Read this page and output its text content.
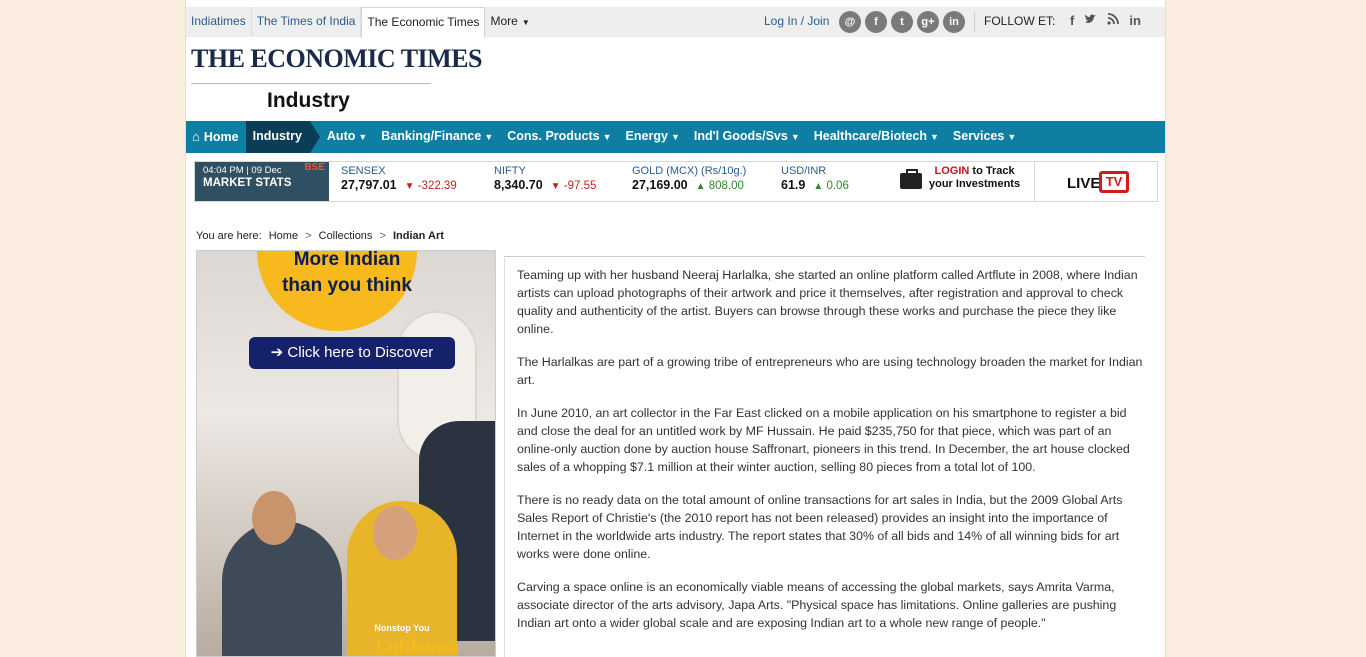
Indiatimes The Times of India	The Economic Times More ▼	Log In / Join	@	f	t	g+	in	FOLLOW ET: f	in
THE ECONOMIC TIMES
Industry
⌂ Home	Industry	Auto ▼	Banking/Finance ▼	Cons. Products ▼	Energy ▼	Ind'l Goods/Svs ▼	Healthcare/Biotech ▼	Services ▼
04:04 PM | 09 Dec
MARKET STATS
BSE SENSEX
27,797.01 ▼ -322.39
NIFTY
8,340.70 ▼ -97.55
GOLD (MCX) (Rs/10g.)
27,169.00 ▲ 808.00
USD/INR
61.9 ▲ 0.06
LOGIN to Track
your Investments	LIVE TV
You are here: Home > Collections > Indian Art
More Indian
than you think
➔ Click here to Discover
Nonstop You
Lufthansa

Teaming up with her husband Neeraj Harlalka, she started an online platform called Artflute in 2008, where Indian artists can upload photographs of their artwork and price it themselves, after registration and approval to check quality and authenticity of the artist. Buyers can browse through these works and purchase the piece they like online.

The Harlalkas are part of a growing tribe of entrepreneurs who are using technology broaden the market for Indian art.

In June 2010, an art collector in the Far East clicked on a mobile application on his smartphone to register a bid and close the deal for an untitled work by MF Hussain. He paid $235,750 for that piece, which was part of an online-only auction done by auction house Saffronart, pioneers in this trend. In December, the art house clocked sales of a whopping $7.1 million at their winter auction, selling 80 pieces from a total lot of 100.

There is no ready data on the total amount of online transactions for art sales in India, but the 2009 Global Arts Sales Report of Christie's (the 2010 report has not been released) provides an insight into the importance of Internet in the worldwide arts industry. The report states that 30% of all bids and 14% of all winning bids for art works were done online.

Carving a space online is an economically viable means of accessing the global markets, says Amrita Varma, associate director of the arts advisory, Japa Arts. "Physical space has limitations. Online galleries are pushing Indian art onto a wider global scale and are exposing Indian art to a whole new range of people."
